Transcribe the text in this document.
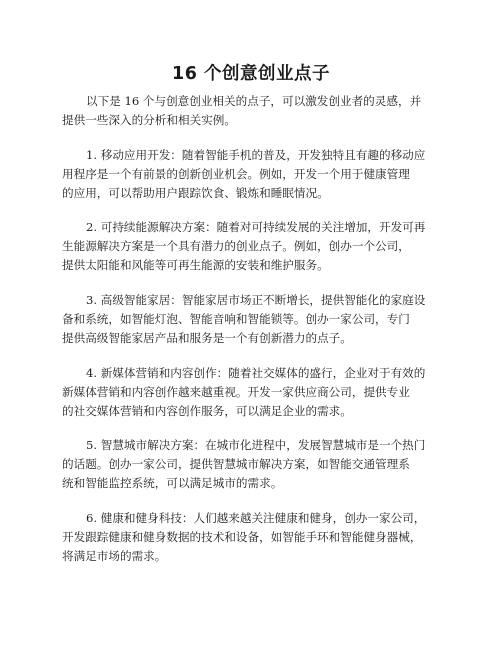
16 个创意创业点子
以下是 16 个与创意创业相关的点子，可以激发创业者的灵感，并
提供一些深入的分析和相关实例。
1. 移动应用开发：随着智能手机的普及，开发独特且有趣的移动应
用程序是一个有前景的创新创业机会。例如，开发一个用于健康管理
的应用，可以帮助用户跟踪饮食、锻炼和睡眠情况。
2. 可持续能源解决方案：随着对可持续发展的关注增加，开发可再
生能源解决方案是一个具有潜力的创业点子。例如，创办一个公司，
提供太阳能和风能等可再生能源的安装和维护服务。
3. 高级智能家居：智能家居市场正不断增长，提供智能化的家庭设
备和系统，如智能灯泡、智能音响和智能锁等。创办一家公司，专门
提供高级智能家居产品和服务是一个有创新潜力的点子。
4. 新媒体营销和内容创作：随着社交媒体的盛行，企业对于有效的
新媒体营销和内容创作越来越重视。开发一家供应商公司，提供专业
的社交媒体营销和内容创作服务，可以满足企业的需求。
5. 智慧城市解决方案：在城市化进程中，发展智慧城市是一个热门
的话题。创办一家公司，提供智慧城市解决方案，如智能交通管理系
统和智能监控系统，可以满足城市的需求。
6. 健康和健身科技：人们越来越关注健康和健身，创办一家公司，
开发跟踪健康和健身数据的技术和设备，如智能手环和智能健身器械，
将满足市场的需求。
